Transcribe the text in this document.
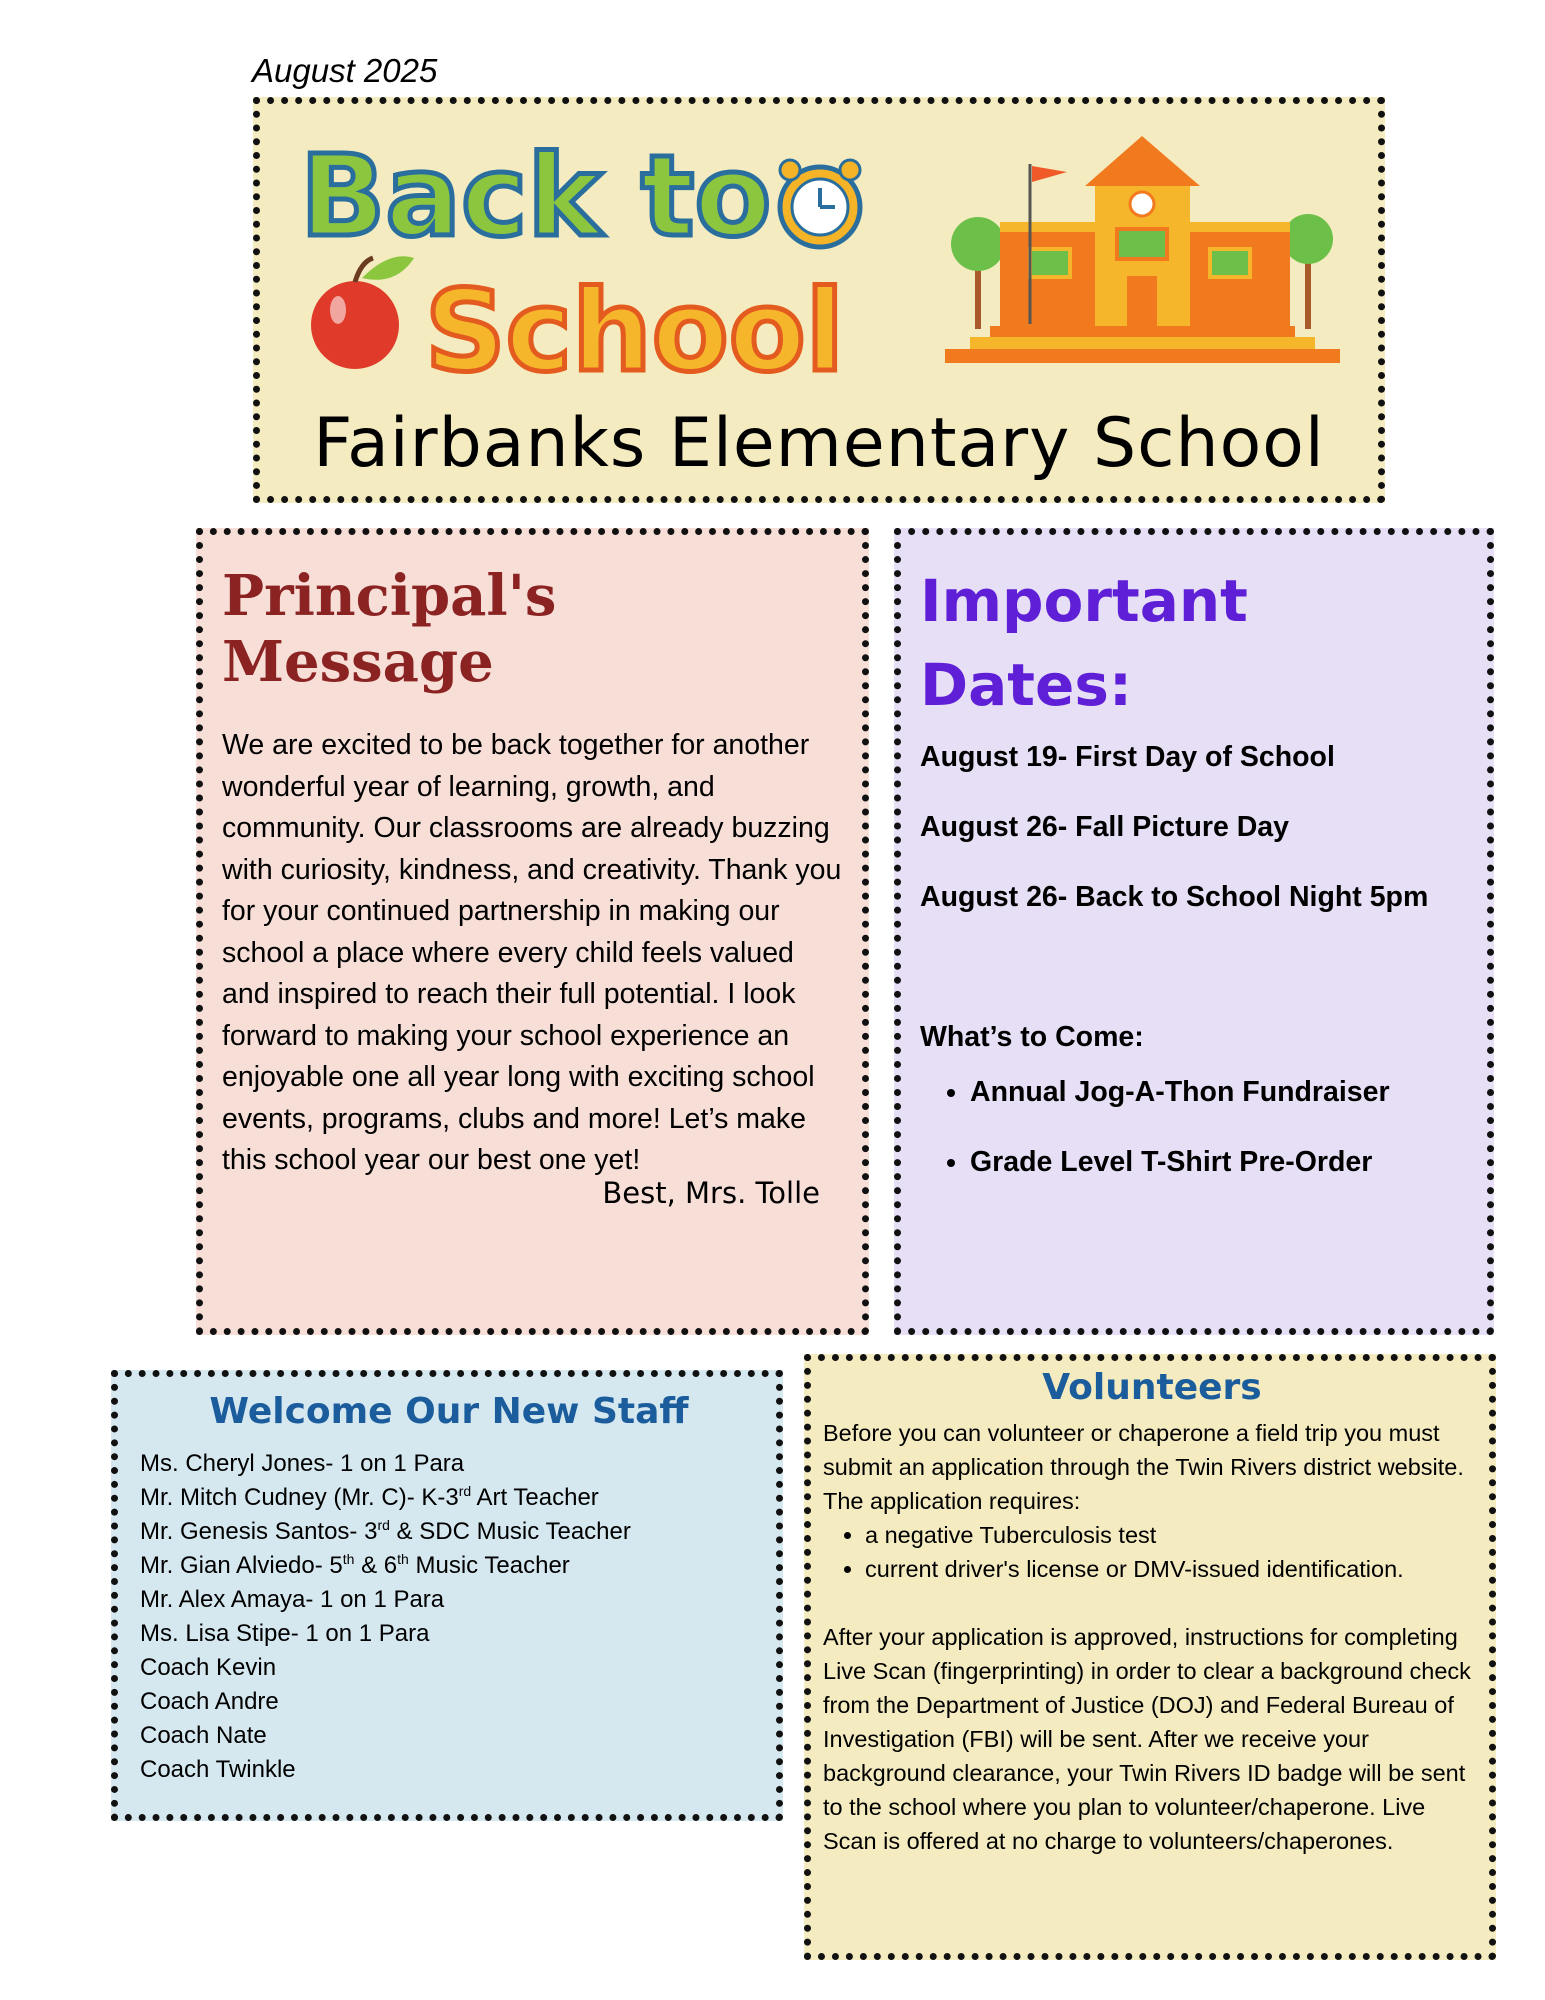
August 2025
Back to
School
Fairbanks Elementary School
Principal's Message

We are excited to be back together for another wonderful year of learning, growth, and community. Our classrooms are already buzzing with curiosity, kindness, and creativity. Thank you for your continued partnership in making our school a place where every child feels valued and inspired to reach their full potential. I look forward to making your school experience an enjoyable one all year long with exciting school events, programs, clubs and more! Let’s make this school year our best one yet!

Best, Mrs. Tolle
Important Dates:

August 19- First Day of School

August 26- Fall Picture Day

August 26- Back to School Night 5pm

What’s to Come:

• Annual Jog-A-Thon Fundraiser
• Grade Level T-Shirt Pre-Order
Welcome Our New Staff
Ms. Cheryl Jones- 1 on 1 Para
Mr. Mitch Cudney (Mr. C)- K-3rd Art Teacher
Mr. Genesis Santos- 3rd & SDC Music Teacher
Mr. Gian Alviedo- 5th & 6th Music Teacher
Mr. Alex Amaya- 1 on 1 Para
Ms. Lisa Stipe- 1 on 1 Para
Coach Kevin
Coach Andre
Coach Nate
Coach Twinkle
Volunteers

Before you can volunteer or chaperone a field trip you must submit an application through the Twin Rivers district website. The application requires:

• a negative Tuberculosis test
• current driver's license or DMV-issued identification.

After your application is approved, instructions for completing Live Scan (fingerprinting) in order to clear a background check from the Department of Justice (DOJ) and Federal Bureau of Investigation (FBI) will be sent. After we receive your background clearance, your Twin Rivers ID badge will be sent to the school where you plan to volunteer/chaperone. Live Scan is offered at no charge to volunteers/chaperones.
